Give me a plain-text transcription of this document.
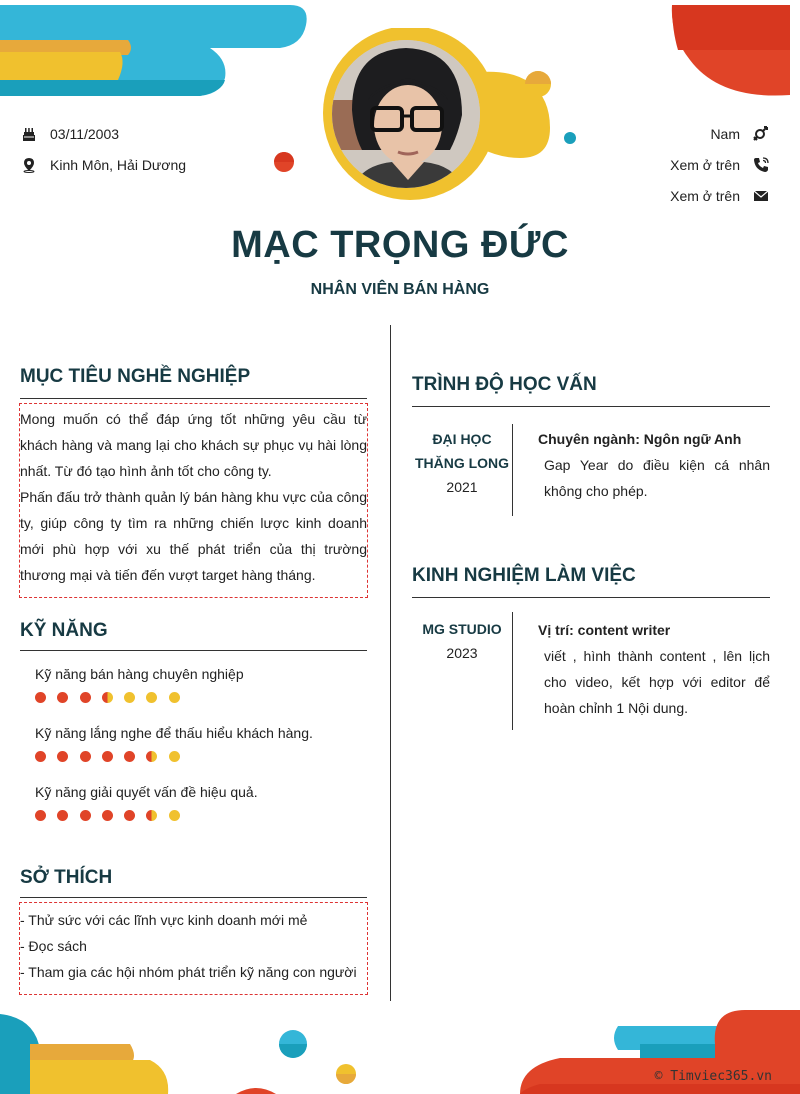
03/11/2003
Kinh Môn, Hải Dương
Nam
Xem ở trên
Xem ở trên
MẠC TRỌNG ĐỨC
NHÂN VIÊN BÁN HÀNG
MỤC TIÊU NGHỀ NGHIỆP
Mong muốn có thể đáp ứng tốt những yêu cầu từ khách hàng và mang lại cho khách sự phục vụ hài lòng nhất. Từ đó tạo hình ảnh tốt cho công ty.
Phấn đấu trở thành quản lý bán hàng khu vực của công ty, giúp công ty tìm ra những chiến lược kinh doanh mới phù hợp với xu thế phát triển của thị trường thương mại và tiến đến vượt target hàng tháng.
KỸ NĂNG
Kỹ năng bán hàng chuyên nghiệp
Kỹ năng lắng nghe để thấu hiểu khách hàng.
Kỹ năng giải quyết vấn đề hiệu quả.
SỞ THÍCH
- Thử sức với các lĩnh vực kinh doanh mới mẻ
- Đọc sách
- Tham gia các hội nhóm phát triển kỹ năng con người
TRÌNH ĐỘ HỌC VẤN
ĐẠI HỌC
THĂNG LONG
2021
Chuyên ngành: Ngôn ngữ Anh
Gap Year do điều kiện cá nhân không cho phép.
KINH NGHIỆM LÀM VIỆC
MG STUDIO
2023
Vị trí: content writer
viết , hình thành content , lên lịch cho video, kết hợp với editor để hoàn chỉnh 1 Nội dung.
© Timviec365.vn
